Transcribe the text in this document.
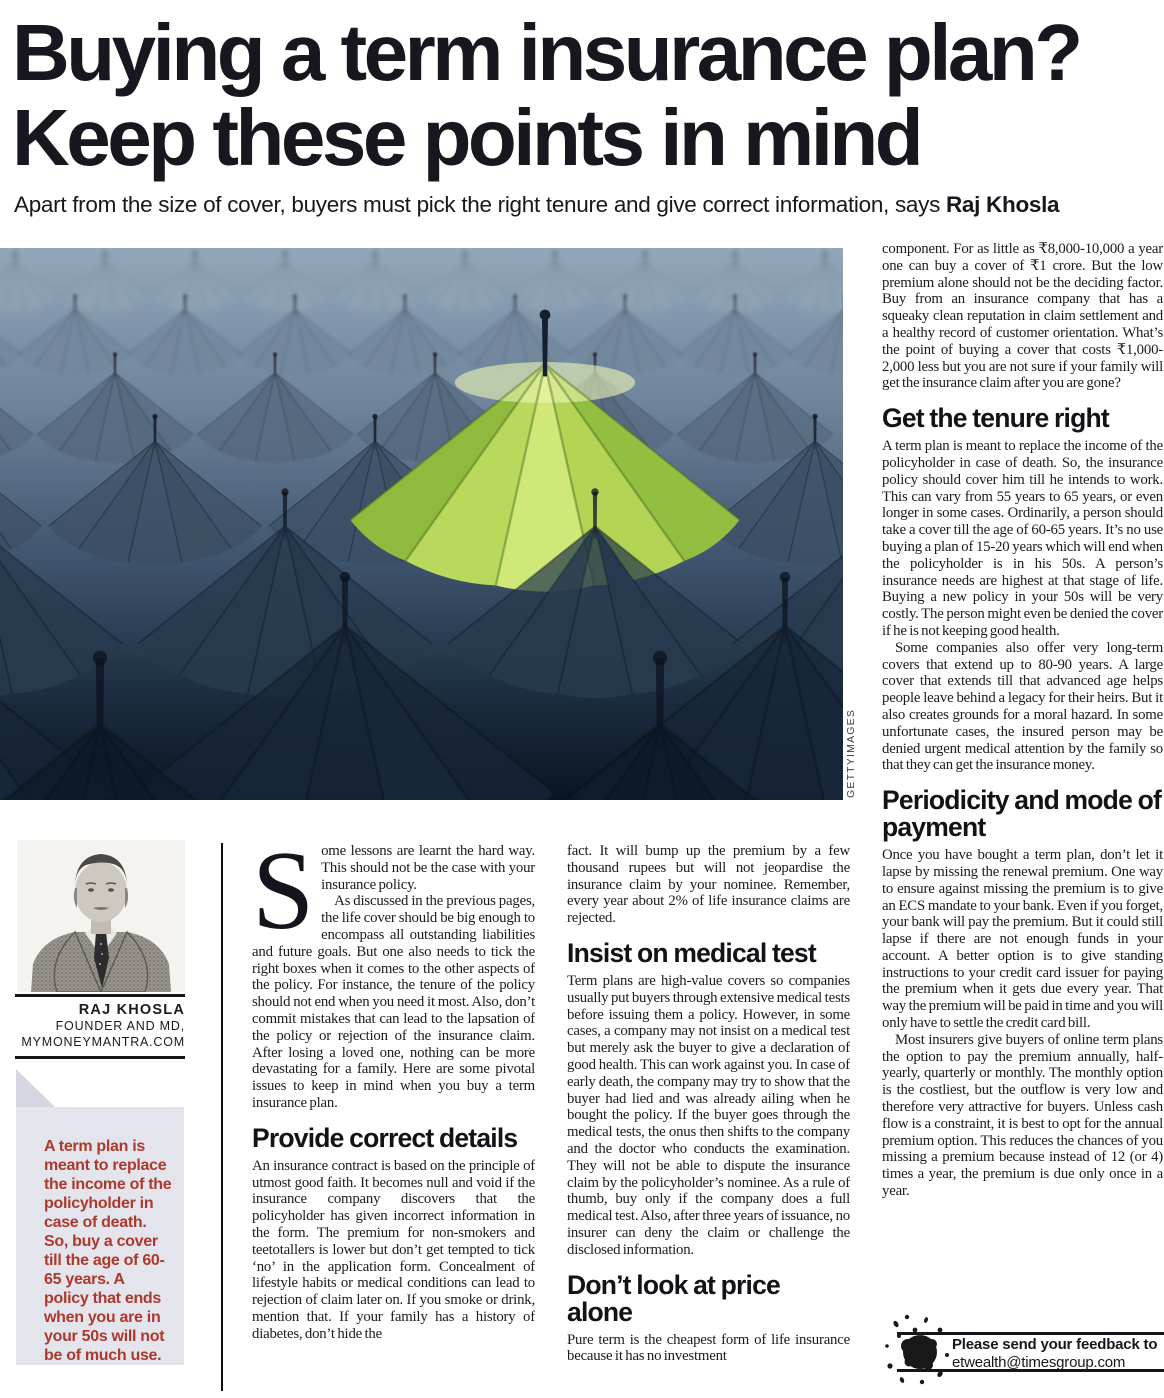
Buying a term insurance plan?
Keep these points in mind

Apart from the size of cover, buyers must pick the right tenure and give correct information, says Raj Khosla

GETTYIMAGES
RAJ KHOSLA
FOUNDER AND MD,
MYMONEYMANTRA.COM
A term plan is meant to replace the income of the policyholder in case of death. So, buy a cover till the age of 60-65 years. A policy that ends when you are in your 50s will not be of much use.

Some lessons are learnt the hard way. This should not be the case with your insurance policy.

As discussed in the previous pages, the life cover should be big enough to encompass all outstanding liabilities and future goals. But one also needs to tick the right boxes when it comes to the other aspects of the policy. For instance, the tenure of the policy should not end when you need it most. Also, don’t commit mistakes that can lead to the lapsation of the policy or rejection of the insurance claim. After losing a loved one, nothing can be more devastating for a family. Here are some pivotal issues to keep in mind when you buy a term insurance plan.

Provide correct details

An insurance contract is based on the principle of utmost good faith. It becomes null and void if the insurance company discovers that the policyholder has given incorrect information in the form. The premium for non-smokers and teetotallers is lower but don’t get tempted to tick ‘no’ in the application form. Concealment of lifestyle habits or medical conditions can lead to rejection of claim later on. If you smoke or drink, mention that. If your family has a history of diabetes, don’t hide the

fact. It will bump up the premium by a few thousand rupees but will not jeopardise the insurance claim by your nominee. Remember, every year about 2% of life insurance claims are rejected.

Insist on medical test

Term plans are high-value covers so companies usually put buyers through extensive medical tests before issuing them a policy. However, in some cases, a company may not insist on a medical test but merely ask the buyer to give a declaration of good health. This can work against you. In case of early death, the company may try to show that the buyer had lied and was already ailing when he bought the policy. If the buyer goes through the medical tests, the onus then shifts to the company and the doctor who conducts the examination. They will not be able to dispute the insurance claim by the policyholder’s nominee. As a rule of thumb, buy only if the company does a full medical test. Also, after three years of issuance, no insurer can deny the claim or challenge the disclosed information.

Don’t look at price alone

Pure term is the cheapest form of life insurance because it has no investment

component. For as little as ₹8,000-10,000 a year one can buy a cover of ₹1 crore. But the low premium alone should not be the deciding factor. Buy from an insurance company that has a squeaky clean reputation in claim settlement and a healthy record of customer orientation. What’s the point of buying a cover that costs ₹1,000-2,000 less but you are not sure if your family will get the insurance claim after you are gone?

Get the tenure right

A term plan is meant to replace the income of the policyholder in case of death. So, the insurance policy should cover him till he intends to work. This can vary from 55 years to 65 years, or even longer in some cases. Ordinarily, a person should take a cover till the age of 60-65 years. It’s no use buying a plan of 15-20 years which will end when the policyholder is in his 50s. A person’s insurance needs are highest at that stage of life. Buying a new policy in your 50s will be very costly. The person might even be denied the cover if he is not keeping good health.

Some companies also offer very long-term covers that extend up to 80-90 years. A large cover that extends till that advanced age helps people leave behind a legacy for their heirs. But it also creates grounds for a moral hazard. In some unfortunate cases, the insured person may be denied urgent medical attention by the family so that they can get the insurance money.

Periodicity and mode of payment

Once you have bought a term plan, don’t let it lapse by missing the renewal premium. One way to ensure against missing the premium is to give an ECS mandate to your bank. Even if you forget, your bank will pay the premium. But it could still lapse if there are not enough funds in your account. A better option is to give standing instructions to your credit card issuer for paying the premium when it gets due every year. That way the premium will be paid in time and you will only have to settle the credit card bill.

Most insurers give buyers of online term plans the option to pay the premium annually, half-yearly, quarterly or monthly. The monthly option is the costliest, but the outflow is very low and therefore very attractive for buyers. Unless cash flow is a constraint, it is best to opt for the annual premium option. This reduces the chances of you missing a premium because instead of 12 (or 4) times a year, the premium is due only once in a year.

Please send your feedback to
etwealth@timesgroup.com
